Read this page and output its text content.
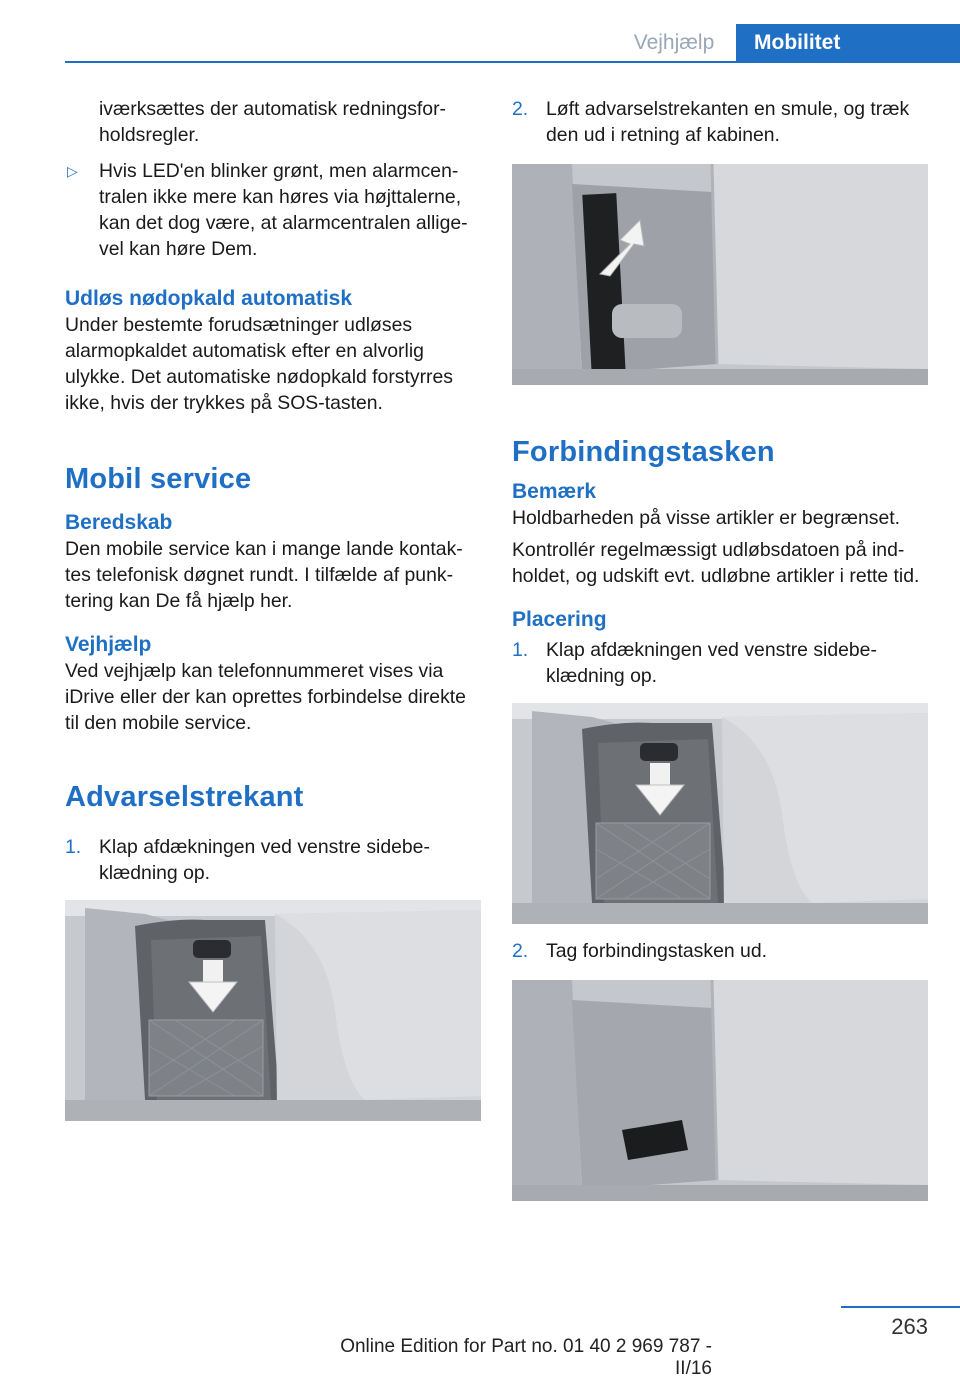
Vejhjælp	Mobilitet
iværksættes der automatisk redningsfor‐holdsregler.
▷	Hvis LED'en blinker grønt, men alarmcen‐tralen ikke mere kan høres via højttalerne, kan det dog være, at alarmcentralen allige‐vel kan høre Dem.
Udløs nødopkald automatisk

Under bestemte forudsætninger udløses alarmopkaldet automatisk efter en alvorlig ulykke. Det automatiske nødopkald forstyrres ikke, hvis der trykkes på SOS-tasten.

Mobil service
Beredskab

Den mobile service kan i mange lande kontak‐tes telefonisk døgnet rundt. I tilfælde af punk‐tering kan De få hjælp her.

Vejhjælp

Ved vejhjælp kan telefonnummeret vises via iDrive eller der kan oprettes forbindelse direkte til den mobile service.

Advarselstrekant
1. Klap afdækningen ved venstre sidebe‐klædning op.
2. Løft advarselstrekanten en smule, og træk den ud i retning af kabinen.
Forbindingstasken
Bemærk

Holdbarheden på visse artikler er begrænset.

Kontrollér regelmæssigt udløbsdatoen på ind‐holdet, og udskift evt. udløbne artikler i rette tid.

Placering
1. Klap afdækningen ved venstre sidebe‐klædning op.
2. Tag forbindingstasken ud.
263
Online Edition for Part no. 01 40 2 969 787 - II/16
